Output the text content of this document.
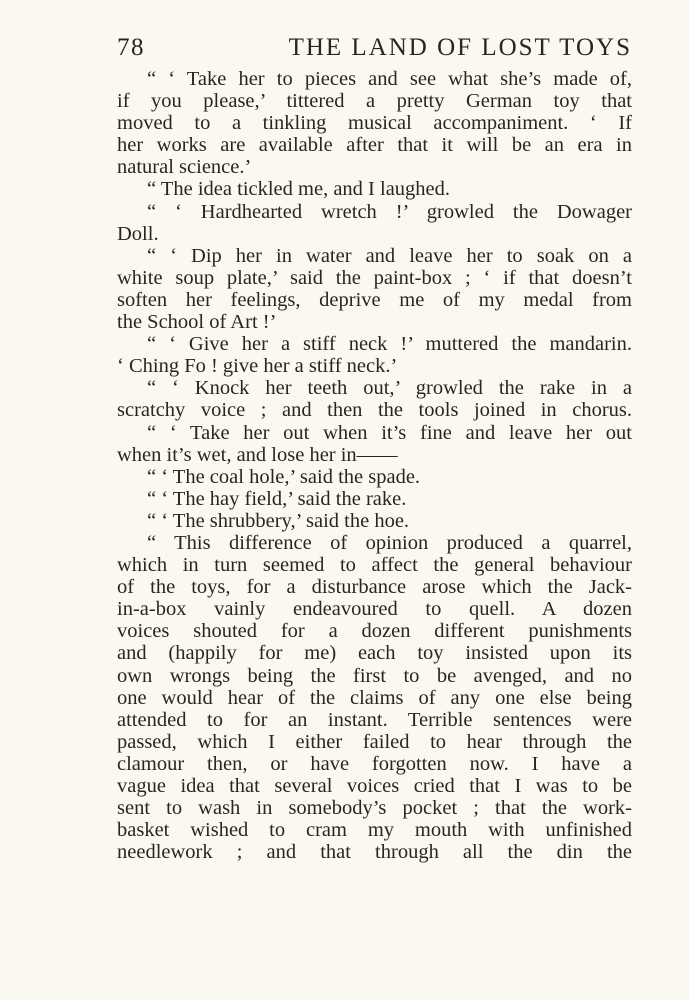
78	THE LAND OF LOST TOYS
“ ‘ Take her to pieces and see what she’s made of,
if you please,’ tittered a pretty German toy that
moved to a tinkling musical accompaniment. ‘ If
her works are available after that it will be an era in
natural science.’
“ The idea tickled me, and I laughed.
“ ‘ Hardhearted wretch !’ growled the Dowager
Doll.
“ ‘ Dip her in water and leave her to soak on a
white soup plate,’ said the paint-box ; ‘ if that doesn’t
soften her feelings, deprive me of my medal from
the School of Art !’
“ ‘ Give her a stiff neck !’ muttered the mandarin.
‘ Ching Fo ! give her a stiff neck.’
“ ‘ Knock her teeth out,’ growled the rake in a
scratchy voice ; and then the tools joined in chorus.
“ ‘ Take her out when it’s fine and leave her out
when it’s wet, and lose her in——
“ ‘ The coal hole,’ said the spade.
“ ‘ The hay field,’ said the rake.
“ ‘ The shrubbery,’ said the hoe.
“ This difference of opinion produced a quarrel,
which in turn seemed to affect the general behaviour
of the toys, for a disturbance arose which the Jack-
in-a-box vainly endeavoured to quell. A dozen
voices shouted for a dozen different punishments
and (happily for me) each toy insisted upon its
own wrongs being the first to be avenged, and no
one would hear of the claims of any one else being
attended to for an instant. Terrible sentences were
passed, which I either failed to hear through the
clamour then, or have forgotten now. I have a
vague idea that several voices cried that I was to be
sent to wash in somebody’s pocket ; that the work-
basket wished to cram my mouth with unfinished
needlework ; and that through all the din the
